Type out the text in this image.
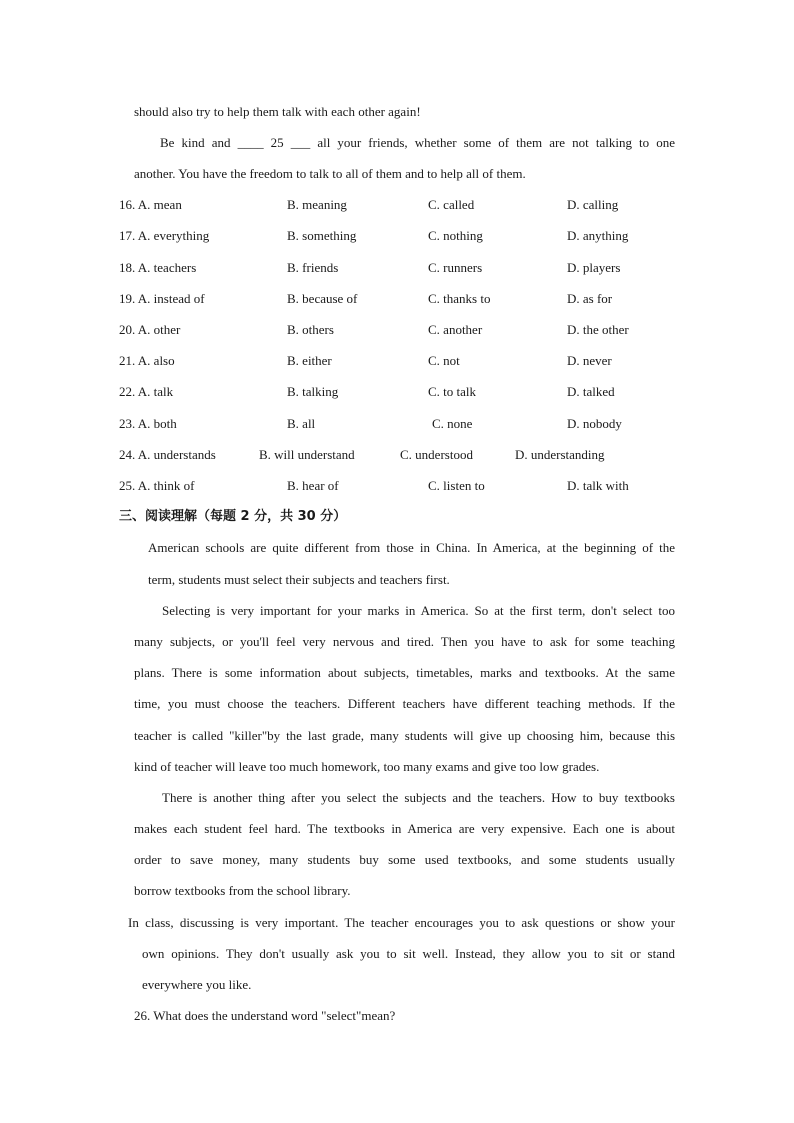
should also try to help them talk with each other again!
Be kind and ____ 25 ___ all your friends, whether some of them are not talking to one
another. You have the freedom to talk to all of them and to help all of them.
16. A. mean	B. meaning	C. called	D. calling
17. A. everything	B. something	C. nothing	D. anything
18. A. teachers	B. friends	C. runners	D. players
19. A. instead of	B. because of	C. thanks to	D. as for
20. A. other	B. others	C. another	D. the other
21. A. also	B. either	C. not	D. never
22. A. talk	B. talking	C. to talk	D. talked
23. A. both	B. all	C. none	D. nobody
24. A. understands	B. will understand	C. understood	D. understanding
25. A. think of	B. hear of	C. listen to	D. talk with
三、阅读理解（每题 2 分，共 30 分）
American schools are quite different from those in China. In America, at the beginning of the
term, students must select their subjects and teachers first.
Selecting is very important for your marks in America. So at the first term, don't select too
many subjects, or you'll feel very nervous and tired. Then you have to ask for some teaching
plans. There is some information about subjects, timetables, marks and textbooks. At the same
time, you must choose the teachers. Different teachers have different teaching methods. If the
teacher is called "killer"by the last grade, many students will give up choosing him, because this
kind of teacher will leave too much homework, too many exams and give too low grades.
There is another thing after you select the subjects and the teachers. How to buy textbooks
makes each student feel hard. The textbooks in America are very expensive. Each one is about
order to save money, many students buy some used textbooks, and some students usually
borrow textbooks from the school library.
In class, discussing is very important. The teacher encourages you to ask questions or show your
own opinions. They don't usually ask you to sit well. Instead, they allow you to sit or stand
everywhere you like.
26. What does the understand word "select"mean?
